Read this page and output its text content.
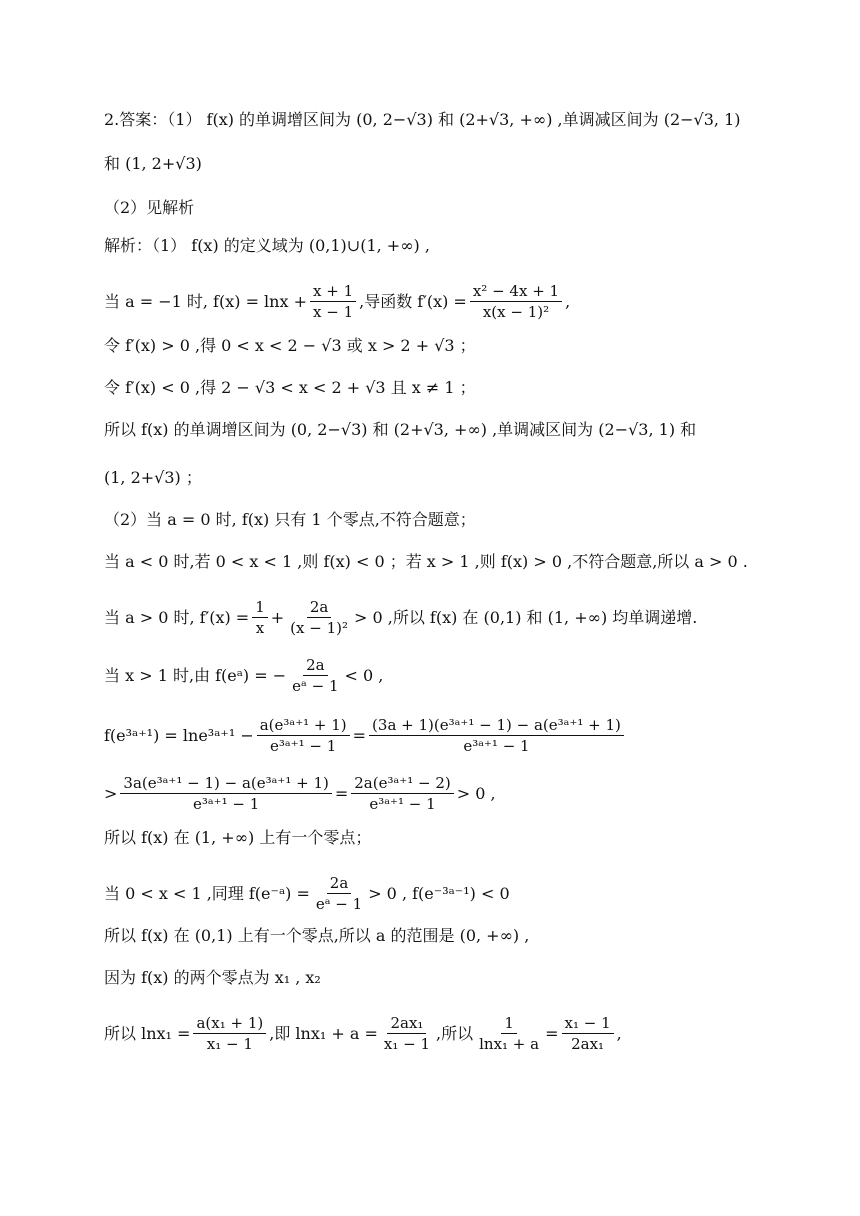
2.答案：（1） f(x) 的单调增区间为 (0, 2−√3) 和 (2+√3, +∞) ,单调减区间为 (2−√3, 1)
和 (1, 2+√3)
（2）见解析
解析：（1） f(x) 的定义域为 (0,1)∪(1, +∞) ,
当 a = −1 时, $f(x) = \ln x + \frac{x + 1}{x - 1}$ ,导函数 $f'(x) = \frac{\text{x² − 4x + 1}}{\text{x(x − 1)²}}$ ,
令 f′(x) > 0 ,得 0 < x < 2 − √3 或 x > 2 + √3 ；
令 f′(x) < 0 ,得 2 − √3 < x < 2 + √3 且 x ≠ 1 ；
所以 f(x) 的单调增区间为 (0, 2−√3) 和 (2+√3, +∞) ,单调减区间为 (2−√3, 1) 和
(1, 2+√3) ；
（2）当 a = 0 时, f(x) 只有 1 个零点,不符合题意；
当 a < 0 时,若 0 < x < 1 ,则 f(x) < 0 ；若 x > 1 ,则 f(x) > 0 ,不符合题意,所以 a > 0 .
当 a > 0 时, $f'(x) = \frac{1}{x} + \frac{2a}{\text{(x − 1)²}} > 0$ ,所以 f(x) 在 (0,1) 和 (1, +∞) 均单调递增.
当 x > 1 时,由 f(eᵃ) = − $\frac{2a}{\text{eᵃ − 1}} < 0$ ,
f(e³ᵃ⁺¹) = lne³ᵃ⁺¹ − $\frac{\text{a(e³ᵃ⁺¹ + 1)}}{\text{e³ᵃ⁺¹ − 1}} = \frac{\text{(3a + 1)(e³ᵃ⁺¹ − 1) − a(e³ᵃ⁺¹ + 1)}}{\text{e³ᵃ⁺¹ − 1}}$
> $\frac{\text{3a(e³ᵃ⁺¹ − 1) − a(e³ᵃ⁺¹ + 1)}}{\text{e³ᵃ⁺¹ − 1}} = \frac{\text{2a(e³ᵃ⁺¹ − 2)}}{\text{e³ᵃ⁺¹ − 1}} > 0$ ,
所以 f(x) 在 (1, +∞) 上有一个零点；
当 0 < x < 1 ,同理 f(e⁻ᵃ) = $\frac{2a}{\text{eᵃ − 1}} > 0$ , f(e⁻³ᵃ⁻¹) < 0
所以 f(x) 在 (0,1) 上有一个零点,所以 a 的范围是 (0, +∞) ,
因为 f(x) 的两个零点为 x₁ , x₂
所以 $\ln x_1 = \frac{\text{a(x₁ + 1)}}{\text{x₁ − 1}}$ ,即 $\ln x_1 + a = \frac{\text{2ax₁}}{\text{x₁ − 1}}$ ,所以 $\frac{1}{\text{lnx₁ + a}} = \frac{\text{x₁ − 1}}{\text{2ax₁}}$ ,
